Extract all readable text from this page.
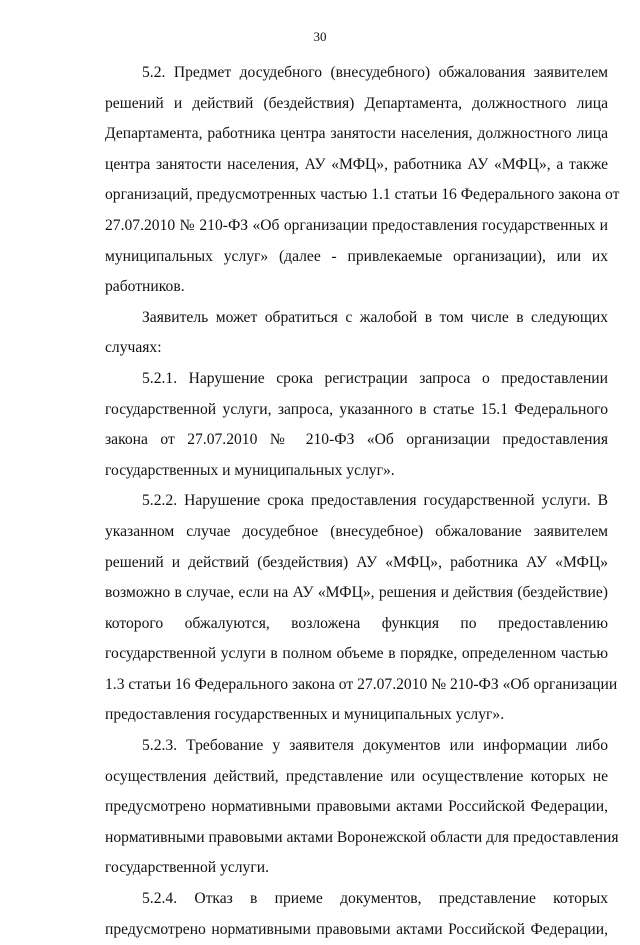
30
5.2. Предмет досудебного (внесудебного) обжалования заявителем
решений и действий (бездействия) Департамента, должностного лица
Департамента, работника центра занятости населения, должностного лица
центра занятости населения, АУ «МФЦ», работника АУ «МФЦ», а также
организаций, предусмотренных частью 1.1 статьи 16 Федерального закона от
27.07.2010 № 210-ФЗ «Об организации предоставления государственных и
муниципальных услуг» (далее - привлекаемые организации), или их
работников.
Заявитель может обратиться с жалобой в том числе в следующих
случаях:
5.2.1. Нарушение срока регистрации запроса о предоставлении
государственной услуги, запроса, указанного в статье 15.1 Федерального
закона от 27.07.2010 № 210-ФЗ «Об организации предоставления
государственных и муниципальных услуг».
5.2.2. Нарушение срока предоставления государственной услуги. В
указанном случае досудебное (внесудебное) обжалование заявителем
решений и действий (бездействия) АУ «МФЦ», работника АУ «МФЦ»
возможно в случае, если на АУ «МФЦ», решения и действия (бездействие)
которого обжалуются, возложена функция по предоставлению
государственной услуги в полном объеме в порядке, определенном частью
1.3 статьи 16 Федерального закона от 27.07.2010 № 210-ФЗ «Об организации
предоставления государственных и муниципальных услуг».
5.2.3. Требование у заявителя документов или информации либо
осуществления действий, представление или осуществление которых не
предусмотрено нормативными правовыми актами Российской Федерации,
нормативными правовыми актами Воронежской области для предоставления
государственной услуги.
5.2.4. Отказ в приеме документов, представление которых
предусмотрено нормативными правовыми актами Российской Федерации,
